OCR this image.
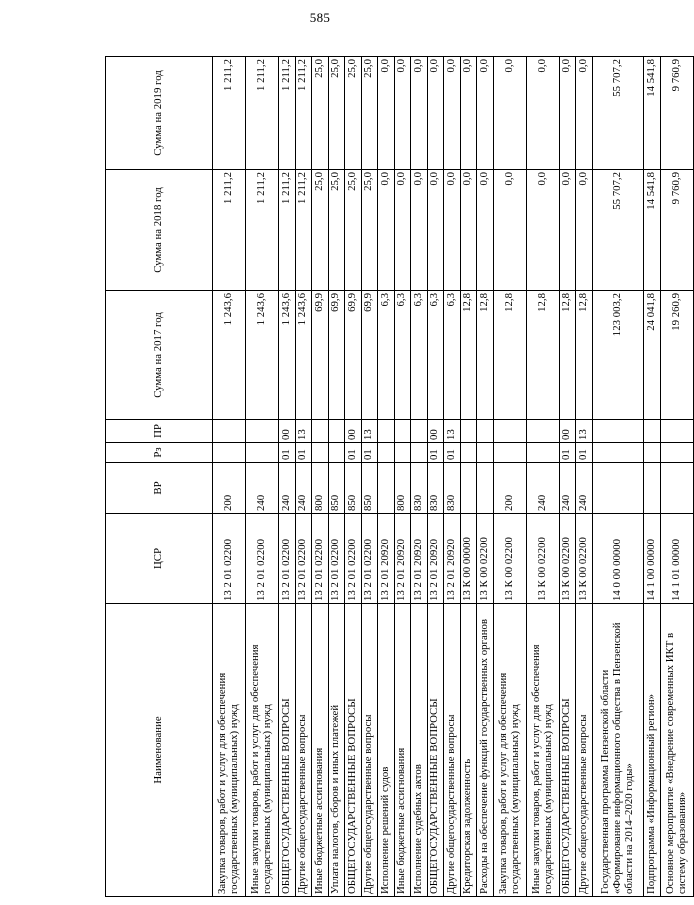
585
Наименование	ЦСР	ВР	Рз	ПР	Сумма на 2017 год	Сумма на 2018 год	Сумма на 2019 год
Закупка товаров, работ и услуг для обеспечения государственных (муниципальных) нужд	13 2 01 02200	200			1 243,6	1 211,2	1 211,2
Иные закупки товаров, работ и услуг для обеспечения государственных (муниципальных) нужд	13 2 01 02200	240			1 243,6	1 211,2	1 211,2
ОБЩЕГОСУДАРСТВЕННЫЕ ВОПРОСЫ	13 2 01 02200	240	01	00	1 243,6	1 211,2	1 211,2
Другие общегосударственные вопросы	13 2 01 02200	240	01	13	1 243,6	1 211,2	1 211,2
Иные бюджетные ассигнования	13 2 01 02200	800			69,9	25,0	25,0
Уплата налогов, сборов и иных платежей	13 2 01 02200	850			69,9	25,0	25,0
ОБЩЕГОСУДАРСТВЕННЫЕ ВОПРОСЫ	13 2 01 02200	850	01	00	69,9	25,0	25,0
Другие общегосударственные вопросы	13 2 01 02200	850	01	13	69,9	25,0	25,0
Исполнение решений судов	13 2 01 20920				6,3	0,0	0,0
Иные бюджетные ассигнования	13 2 01 20920	800			6,3	0,0	0,0
Исполнение судебных актов	13 2 01 20920	830			6,3	0,0	0,0
ОБЩЕГОСУДАРСТВЕННЫЕ ВОПРОСЫ	13 2 01 20920	830	01	00	6,3	0,0	0,0
Другие общегосударственные вопросы	13 2 01 20920	830	01	13	6,3	0,0	0,0
Кредиторская задолженность	13 К 00 00000				12,8	0,0	0,0
Расходы на обеспечение функций государственных органов	13 К 00 02200				12,8	0,0	0,0
Закупка товаров, работ и услуг для обеспечения государственных (муниципальных) нужд	13 К 00 02200	200			12,8	0,0	0,0
Иные закупки товаров, работ и услуг для обеспечения государственных (муниципальных) нужд	13 К 00 02200	240			12,8	0,0	0,0
ОБЩЕГОСУДАРСТВЕННЫЕ ВОПРОСЫ	13 К 00 02200	240	01	00	12,8	0,0	0,0
Другие общегосударственные вопросы	13 К 00 02200	240	01	13	12,8	0,0	0,0
Государственная программа Пензенской области «Формирование информационного общества в Пензенской области на 2014–2020 годы»	14 0 00 00000				123 003,2	55 707,2	55 707,2
Подпрограмма «Информационный регион»	14 1 00 00000				24 041,8	14 541,8	14 541,8
Основное мероприятие «Внедрение современных ИКТ в систему образования»	14 1 01 00000				19 260,9	9 760,9	9 760,9
